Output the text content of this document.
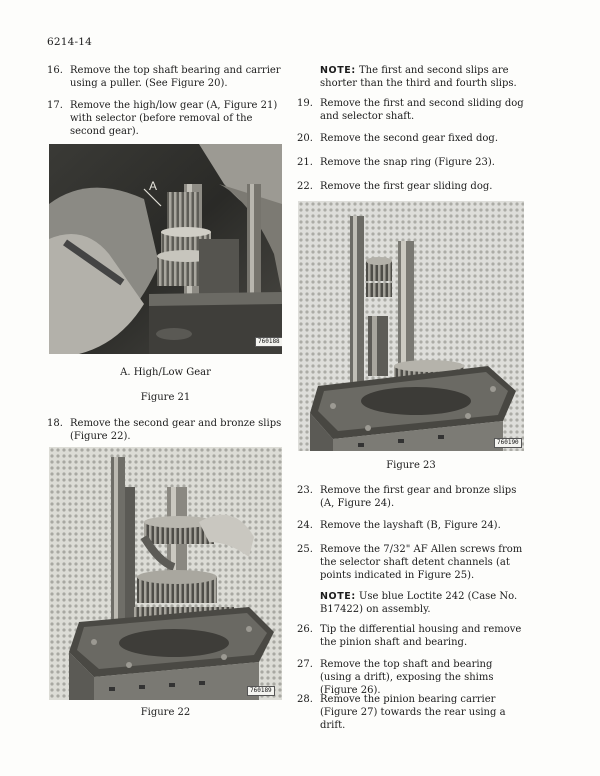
6214-14
16. Remove the top shaft bearing and carrier using a puller. (See Figure 20).
17. Remove the high/low gear (A, Figure 21) with selector (before removal of the second gear).
A
760188
A. High/Low Gear
Figure 21
18. Remove the second gear and bronze slips (Figure 22).
760189
Figure 22
NOTE: The first and second slips are shorter than the third and fourth slips.
19. Remove the first and second sliding dog and selector shaft.
20. Remove the second gear fixed dog.
21. Remove the snap ring (Figure 23).
22. Remove the first gear sliding dog.
760190
Figure 23
23. Remove the first gear and bronze slips (A, Figure 24).
24. Remove the layshaft (B, Figure 24).
25. Remove the 7/32" AF Allen screws from the selector shaft detent channels (at points indicated in Figure 25).
NOTE: Use blue Loctite 242 (Case No. B17422) on assembly.
26. Tip the differential housing and remove the pinion shaft and bearing.
27. Remove the top shaft and bearing (using a drift), exposing the shims (Figure 26).
28. Remove the pinion bearing carrier (Figure 27) towards the rear using a drift.
